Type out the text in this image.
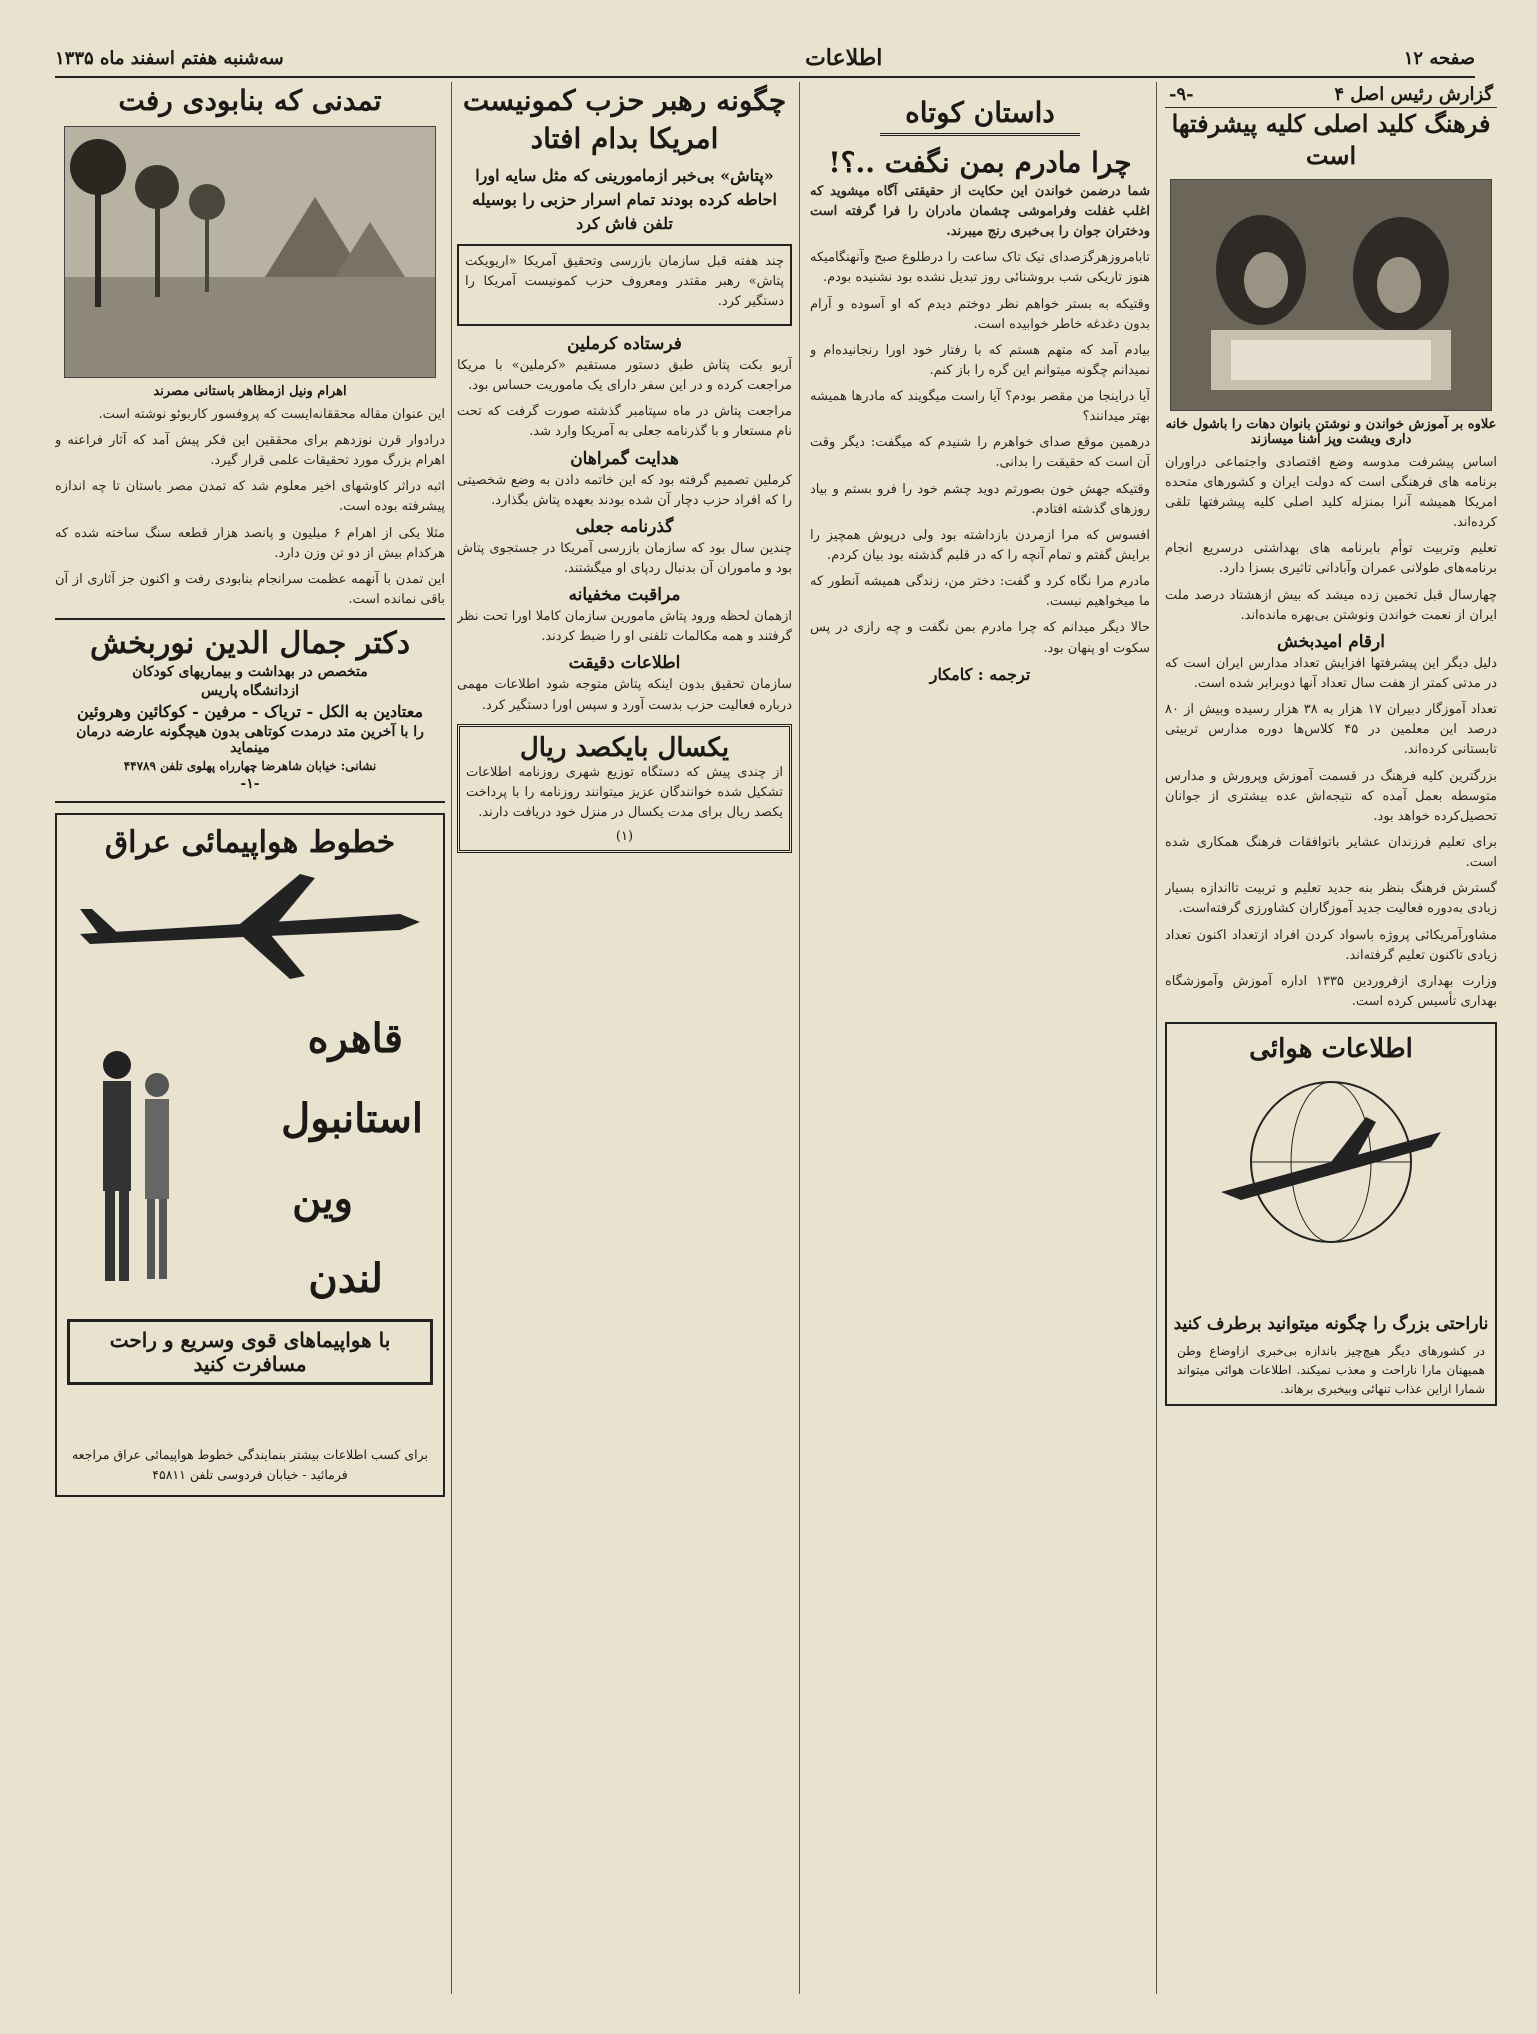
صفحه ۱۲
اطلاعات
سه‌شنبه هفتم اسفند ماه ۱۳۳۵
گزارش رئیس اصل ۴
-۹-
فرهنگ کلید اصلی کلیه پیشرفتها است
علاوه بر آموزش خواندن و نوشتن بانوان دهات را باشول خانه داری ویشت وپز آشنا میسازند

اساس پیشرفت مدوسه وضع اقتصادی واجتماعی دراوران برنامه های فرهنگی است که دولت ایران و کشورهای متحده امریکا همیشه آنرا بمنزله کلید اصلی کلیه پیشرفتها تلقی کرده‌اند.

تعلیم وتربیت توأم بابرنامه های بهداشتی درسریع انجام برنامه‌های طولانی عمران وآبادانی تاثیری بسزا دارد.

چهارسال قبل تخمین زده میشد که بیش ازهشتاد درصد ملت ایران از نعمت خواندن ونوشتن بی‌بهره مانده‌اند.

ارقام امیدبخش

دلیل دیگر این پیشرفتها افزایش تعداد مدارس ایران است که در مدتی کمتر از هفت سال تعداد آنها دوبرابر شده است.

تعداد آموزگار دبیران ۱۷ هزار به ۳۸ هزار رسیده وبیش از ۸۰ درصد این معلمین در ۴۵ کلاس‌ها دوره مدارس تربیتی تابستانی کرده‌اند.

بزرگترین کلیه فرهنگ در قسمت آموزش وپرورش و مدارس متوسطه بعمل آمده که نتیجه‌اش عده بیشتری از جوانان تحصیل‌کرده خواهد بود.

برای تعلیم فرزندان عشایر باتوافقات فرهنگ همکاری شده است.

گسترش فرهنگ بنظر بنه جدید تعلیم و تربیت تااندازه بسیار زیادی به‌دوره فعالیت جدید آموزگاران کشاورزی گرفته‌است.

مشاورآمریکائی پروژه باسواد کردن افراد ازتعداد اکنون تعداد زیادی تاکنون تعلیم گرفته‌اند.

وزارت بهداری ازفروردین ۱۳۳۵ اداره آموزش وآموزشگاه بهداری تأسیس کرده است.

اطلاعات هوائی
ناراحتی بزرگ را چگونه میتوانید برطرف کنید
در کشورهای دیگر هیچ‌چیز باندازه بی‌خبری ازاوضاع وطن همیهنان مارا ناراحت و معذب نمیکند. اطلاعات هوائی میتواند شمارا ازاین عذاب تنهائی وبیخبری برهاند.
داستان کوتاه
چرا مادرم بمن نگفت ..؟!

شما درضمن خواندن این حکایت از حقیقتی آگاه میشوید که اغلب غفلت وفراموشی چشمان مادران را فرا گرفته است ودختران جوان را بی‌خبری رنج میبرند.

تابامروزهرگزصدای تیک تاک ساعت را درطلوع صبح وآنهنگامیکه هنوز تاریکی شب بروشنائی روز تبدیل نشده بود نشنیده بودم.

وقتیکه به بستر خواهم نظر دوختم دیدم که او آسوده و آرام بدون دغدغه خاطر خوابیده است.

بیادم آمد که متهم هستم که با رفتار خود اورا رنجانیده‌ام و نمیدانم چگونه میتوانم این گره را باز کنم.

آیا دراینجا من مقصر بودم؟ آیا راست میگویند که مادرها همیشه بهتر میدانند؟

درهمین موقع صدای خواهرم را شنیدم که میگفت: دیگر وقت آن است که حقیقت را بدانی.

وقتیکه جهش خون بصورتم دوید چشم خود را فرو بستم و بیاد روزهای گذشته افتادم.

افسوس که مرا ازمردن بازداشته بود ولی درپوش همچیز را برایش گفتم و تمام آنچه را که در قلبم گذشته بود بیان کردم.

مادرم مرا نگاه کرد و گفت: دختر من، زندگی همیشه آنطور که ما میخواهیم نیست.

حالا دیگر میدانم که چرا مادرم بمن نگفت و چه رازی در پس سکوت او پنهان بود.

ترجمه : کامکار
چگونه رهبر حزب کمونیست امریکا بدام افتاد
«پتاش» بی‌خبر ازمامورینی که مثل سایه اورا احاطه کرده بودند تمام اسرار حزبی را بوسیله تلفن فاش کرد

چند هفته قبل سازمان بازرسی وتحقیق آمریکا «اریویکت پتاش» رهبر مقتدر ومعروف حزب کمونیست آمریکا را دستگیر کرد.

فرستاده کرملین

آریو بکت پتاش طبق دستور مستقیم «کرملین» با مریکا مراجعت کرده و در این سفر دارای یک ماموریت حساس بود.

مراجعت پتاش در ماه سپتامبر گذشته صورت گرفت که تحت نام مستعار و با گذرنامه جعلی به آمریکا وارد شد.

هدایت گمراهان

کرملین تصمیم گرفته بود که این خاتمه دادن به وضع شخصیتی را که افراد حزب دچار آن شده بودند بعهده پتاش بگذارد.

گذرنامه جعلی

چندین سال بود که سازمان بازرسی آمریکا در جستجوی پتاش بود و ماموران آن بدنبال ردپای او میگشتند.

مراقبت مخفیانه

ازهمان لحظه ورود پتاش مامورین سازمان کاملا اورا تحت نظر گرفتند و همه مکالمات تلفنی او را ضبط کردند.

اطلاعات دقیقت

سازمان تحقیق بدون اینکه پتاش متوجه شود اطلاعات مهمی درباره فعالیت حزب بدست آورد و سپس اورا دستگیر کرد.

یکسال بایکصد ریال

از چندی پیش که دستگاه توزیع شهری روزنامه اطلاعات تشکیل شده خوانندگان عزیز میتوانند روزنامه را با پرداخت یکصد ریال برای مدت یکسال در منزل خود دریافت دارند.

(۱)
تمدنی که بنابودی رفت
اهرام ونیل ازمظاهر باستانی مصرند

این عنوان مقاله محققانه‌ایست که پروفسور کاربوئو نوشته است.

درادوار قرن نوزدهم برای محققین این فکر پیش آمد که آثار فراعنه و اهرام بزرگ مورد تحقیقات علمی قرار گیرد.

اثبه دراثر کاوشهای اخیر معلوم شد که تمدن مصر باستان تا چه اندازه پیشرفته بوده است.

مثلا یکی از اهرام ۶ میلیون و پانصد هزار قطعه سنگ ساخته شده که هرکدام بیش از دو تن وزن دارد.

این تمدن با آنهمه عظمت سرانجام بنابودی رفت و اکنون جز آثاری از آن باقی نمانده است.

دکتر جمال الدین نوربخش
متخصص در بهداشت و بیماریهای کودکان
ازدانشگاه پاریس
معتادین به الکل - تریاک - مرفین - کوکائین وهروئین
را با آخرین متد درمدت کوتاهی بدون هیچگونه عارضه درمان مینماید
نشانی: خیابان شاهرضا چهارراه پهلوی تلفن ۴۴۷۸۹
-۱-
خطوط هواپیمائی عراق
قاهره
استانبول
وین
لندن
با هواپیماهای قوی وسریع و راحت مسافرت کنید
برای کسب اطلاعات بیشتر بنمایندگی خطوط هواپیمائی عراق مراجعه فرمائید - خیابان فردوسی تلفن ۴۵۸۱۱
